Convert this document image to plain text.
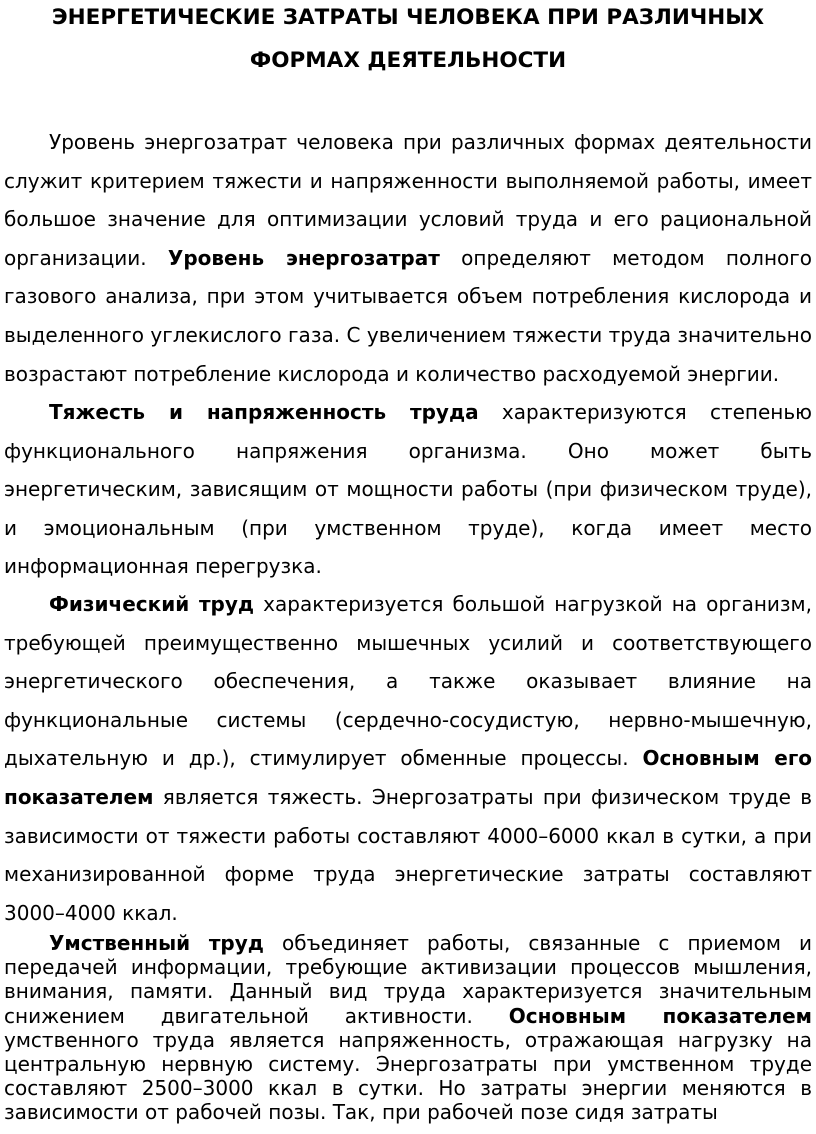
ЭНЕРГЕТИЧЕСКИЕ ЗАТРАТЫ ЧЕЛОВЕКА ПРИ РАЗЛИЧНЫХ
ФОРМАХ ДЕЯТЕЛЬНОСТИ
Уровень энергозатрат человека при различных формах деятельности
служит критерием тяжести и напряженности выполняемой работы, имеет
большое значение для оптимизации условий труда и его рациональной
организации. Уровень энергозатрат определяют методом полного
газового анализа, при этом учитывается объем потребления кислорода и
выделенного углекислого газа. С увеличением тяжести труда значительно
возрастают потребление кислорода и количество расходуемой энергии.
Тяжесть и напряженность труда характеризуются степенью
функционального напряжения организма. Оно может быть
энергетическим, зависящим от мощности работы (при физическом труде),
и эмоциональным (при умственном труде), когда имеет место
информационная перегрузка.
Физический труд характеризуется большой нагрузкой на организм,
требующей преимущественно мышечных усилий и соответствующего
энергетического обеспечения, а также оказывает влияние на
функциональные системы (сердечно-сосудистую, нервно-мышечную,
дыхательную и др.), стимулирует обменные процессы. Основным его
показателем является тяжесть. Энергозатраты при физическом труде в
зависимости от тяжести работы составляют 4000–6000 ккал в сутки, а при
механизированной форме труда энергетические затраты составляют
3000–4000 ккал.
Умственный труд объединяет работы, связанные с приемом и
передачей информации, требующие активизации процессов мышления,
внимания, памяти. Данный вид труда характеризуется значительным
снижением двигательной активности. Основным показателем
умственного труда является напряженность, отражающая нагрузку на
центральную нервную систему. Энергозатраты при умственном труде
составляют 2500–3000 ккал в сутки. Но затраты энергии меняются в
зависимости от рабочей позы. Так, при рабочей позе сидя затраты
